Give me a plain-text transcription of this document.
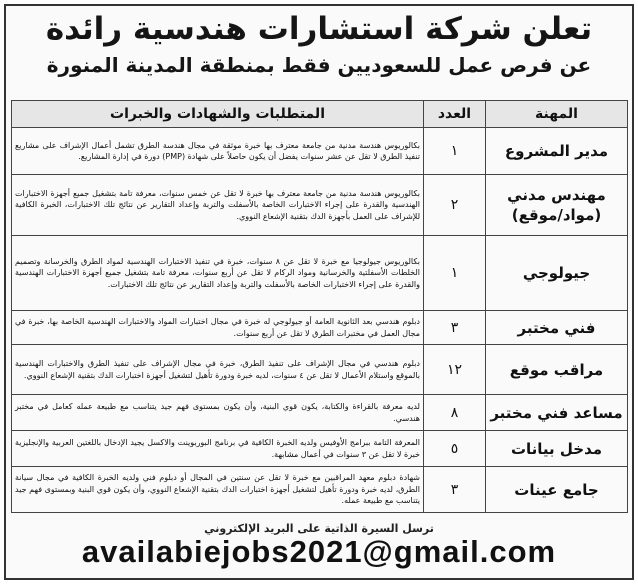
تعلن شركة استشارات هندسية رائدة
عن فرص عمل للسعوديين فقط بمنطقة المدينة المنورة
المهنة	العدد	المتطلبات والشهادات والخبرات
مدير المشروع	١	بكالوريوس هندسة مدنية من جامعة معترف بها خبرة موثقة في مجال هندسة الطرق تشمل أعمال الإشراف على مشاريع تنفيذ الطرق لا تقل عن عشر سنوات يفضل أن يكون حاصلاً على شهادة (PMP) دورة في إدارة المشاريع.
مهندس مدني (مواد/موقع)	٢	بكالوريوس هندسة مدنية من جامعة معترف بها خبرة لا تقل عن خمس سنوات، معرفة تامة بتشغيل جميع أجهزة الاختبارات الهندسية والقدرة على إجراء الاختبارات الخاصة بالأسفلت والتربة وإعداد التقارير عن نتائج تلك الاختبارات، الخبرة الكافية للإشراف على العمل بأجهزة الدك بتقنية الإشعاع النووي.
جيولوجي	١	بكالوريوس جيولوجيا مع خبرة لا تقل عن ٨ سنوات، خبرة في تنفيذ الاختبارات الهندسية لمواد الطرق والخرسانة وتصميم الخلطات الأسفلتية والخرسانية ومواد الركام لا تقل عن أربع سنوات، معرفة تامة بتشغيل جميع أجهزة الاختبارات الهندسية والقدرة على إجراء الاختبارات الخاصة بالأسفلت والتربة وإعداد التقارير عن نتائج تلك الاختبارات.
فني مختبر	٣	دبلوم هندسي بعد الثانوية العامة أو جيولوجي له خبرة في مجال اختبارات المواد والاختبارات الهندسية الخاصة بها، خبرة في مجال العمل في مختبرات الطرق لا تقل عن أربع سنوات.
مراقب موقع	١٢	دبلوم هندسي في مجال الإشراف على تنفيذ الطرق، خبرة في مجال الإشراف على تنفيذ الطرق والاختبارات الهندسية بالموقع واستلام الأعمال لا تقل عن ٤ سنوات، لديه خبرة ودورة تأهيل لتشغيل أجهزة اختبارات الدك بتقنية الإشعاع النووي.
مساعد فني مختبر	٨	لديه معرفة بالقراءة والكتابة، يكون قوي البنية، وأن يكون بمستوى فهم جيد يتناسب مع طبيعة عمله كعامل في مختبر هندسي.
مدخل بيانات	٥	المعرفة التامة ببرامج الأوفيس ولديه الخبرة الكافية في برنامج البوربوينت والاكسل يجيد الإدخال باللغتين العربية والإنجليزية خبرة لا تقل عن ٣ سنوات في أعمال مشابهة.
جامع عينات	٣	شهادة دبلوم معهد المراقبين مع خبرة لا تقل عن سنتين في المجال أو دبلوم فني ولديه الخبرة الكافية في مجال سيانة الطرق، لديه خبرة ودورة تأهيل لتشغيل أجهزة اختبارات الدك بتقنية الإشعاع النووي، وأن يكون قوي البنية وبمستوى فهم جيد يتناسب مع طبيعة عمله.
ترسل السيرة الذاتية على البريد الإلكتروني
availabiejobs2021@gmail.com
